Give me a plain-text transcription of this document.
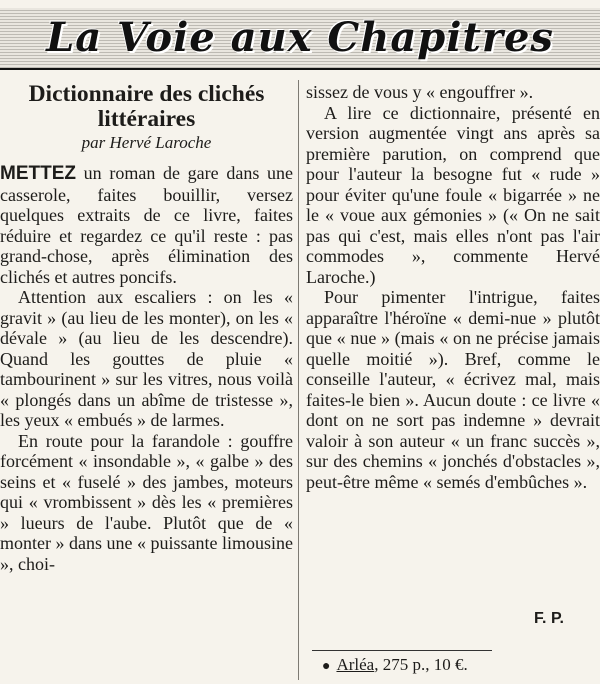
La Voie aux Chapitres
Dictionnaire des clichés littéraires
par Hervé Laroche

METTEZ un roman de gare dans une casserole, faites bouillir, versez quelques extraits de ce livre, faites réduire et regardez ce qu'il reste : pas grand-chose, après élimination des clichés et autres poncifs.

Attention aux escaliers : on les « gravit » (au lieu de les monter), on les « dévale » (au lieu de les descendre). Quand les gouttes de pluie « tambourinent » sur les vitres, nous voilà « plongés dans un abîme de tristesse », les yeux « embués » de larmes.

En route pour la farandole : gouffre forcément « insondable », « galbe » des seins et « fuselé » des jambes, moteurs qui « vrombissent » dès les « premières » lueurs de l'aube. Plutôt que de « monter » dans une « puissante limousine », choi-

sissez de vous y « engouffrer ».

A lire ce dictionnaire, présenté en version augmentée vingt ans après sa première parution, on comprend que pour l'auteur la besogne fut « rude » pour éviter qu'une foule « bigarrée » ne le « voue aux gémonies » (« On ne sait pas qui c'est, mais elles n'ont pas l'air commodes », commente Hervé Laroche.)

Pour pimenter l'intrigue, faites apparaître l'héroïne « demi-nue » plutôt que « nue » (mais « on ne précise jamais quelle moitié »). Bref, comme le conseille l'auteur, « écrivez mal, mais faites-le bien ». Aucun doute : ce livre « dont on ne sort pas indemne » devrait valoir à son auteur « un franc succès », sur des chemins « jonchés d'obstacles », peut-être même « semés d'embûches ».

F. P.
● Arléa, 275 p., 10 €.
